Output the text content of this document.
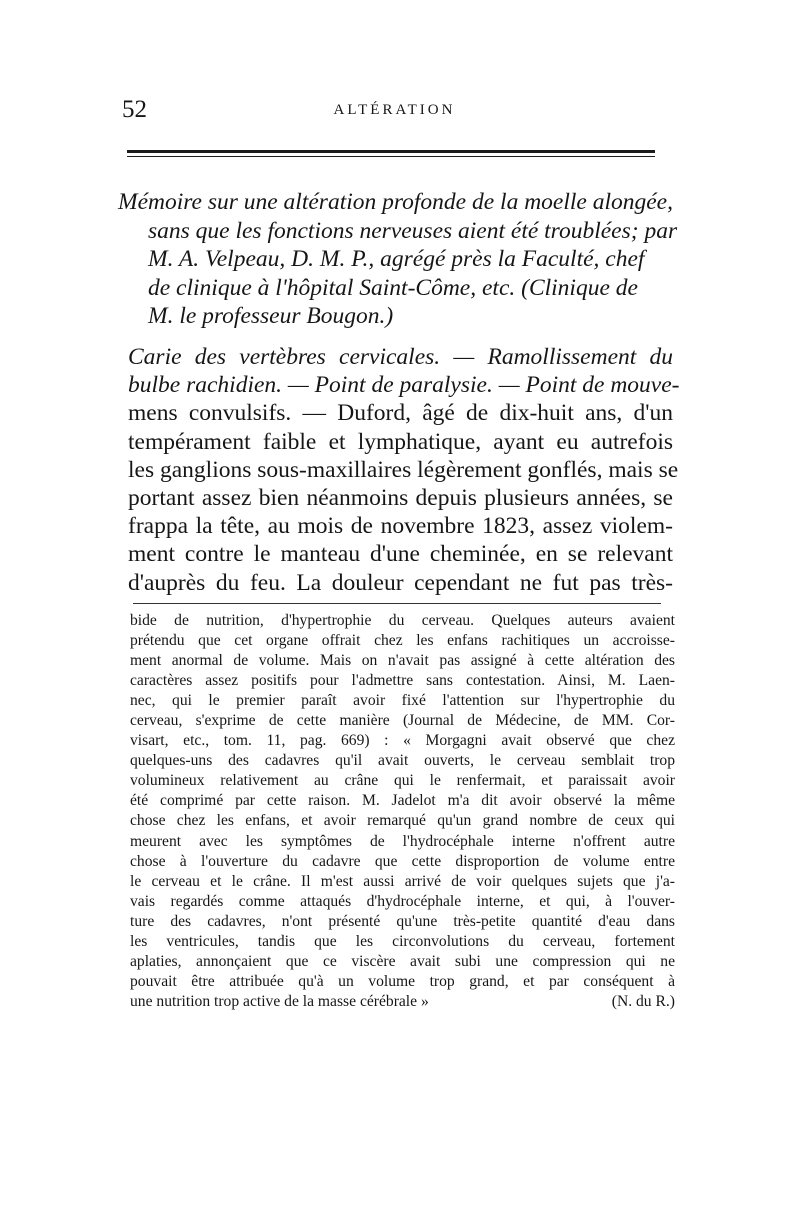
52	ALTÉRATION
Mémoire sur une altération profonde de la moelle alongée,
sans que les fonctions nerveuses aient été troublées; par
M. A. Velpeau, D. M. P., agrégé près la Faculté, chef
de clinique à l'hôpital Saint-Côme, etc. (Clinique de
M. le professeur Bougon.)
Carie des vertèbres cervicales. — Ramollissement du
bulbe rachidien. — Point de paralysie. — Point de mouve-
mens convulsifs. — Duford, âgé de dix-huit ans, d'un
tempérament faible et lymphatique, ayant eu autrefois
les ganglions sous-maxillaires légèrement gonflés, mais se
portant assez bien néanmoins depuis plusieurs années, se
frappa la tête, au mois de novembre 1823, assez violem-
ment contre le manteau d'une cheminée, en se relevant
d'auprès du feu. La douleur cependant ne fut pas très-
bide de nutrition, d'hypertrophie du cerveau. Quelques auteurs avaient
prétendu que cet organe offrait chez les enfans rachitiques un accroisse-
ment anormal de volume. Mais on n'avait pas assigné à cette altération des
caractères assez positifs pour l'admettre sans contestation. Ainsi, M. Laen-
nec, qui le premier paraît avoir fixé l'attention sur l'hypertrophie du
cerveau, s'exprime de cette manière (Journal de Médecine, de MM. Cor-
visart, etc., tom. 11, pag. 669) : « Morgagni avait observé que chez
quelques-uns des cadavres qu'il avait ouverts, le cerveau semblait trop
volumineux relativement au crâne qui le renfermait, et paraissait avoir
été comprimé par cette raison. M. Jadelot m'a dit avoir observé la même
chose chez les enfans, et avoir remarqué qu'un grand nombre de ceux qui
meurent avec les symptômes de l'hydrocéphale interne n'offrent autre
chose à l'ouverture du cadavre que cette disproportion de volume entre
le cerveau et le crâne. Il m'est aussi arrivé de voir quelques sujets que j'a-
vais regardés comme attaqués d'hydrocéphale interne, et qui, à l'ouver-
ture des cadavres, n'ont présenté qu'une très-petite quantité d'eau dans
les ventricules, tandis que les circonvolutions du cerveau, fortement
aplaties, annonçaient que ce viscère avait subi une compression qui ne
pouvait être attribuée qu'à un volume trop grand, et par conséquent à
une nutrition trop active de la masse cérébrale »	(N. du R.)
